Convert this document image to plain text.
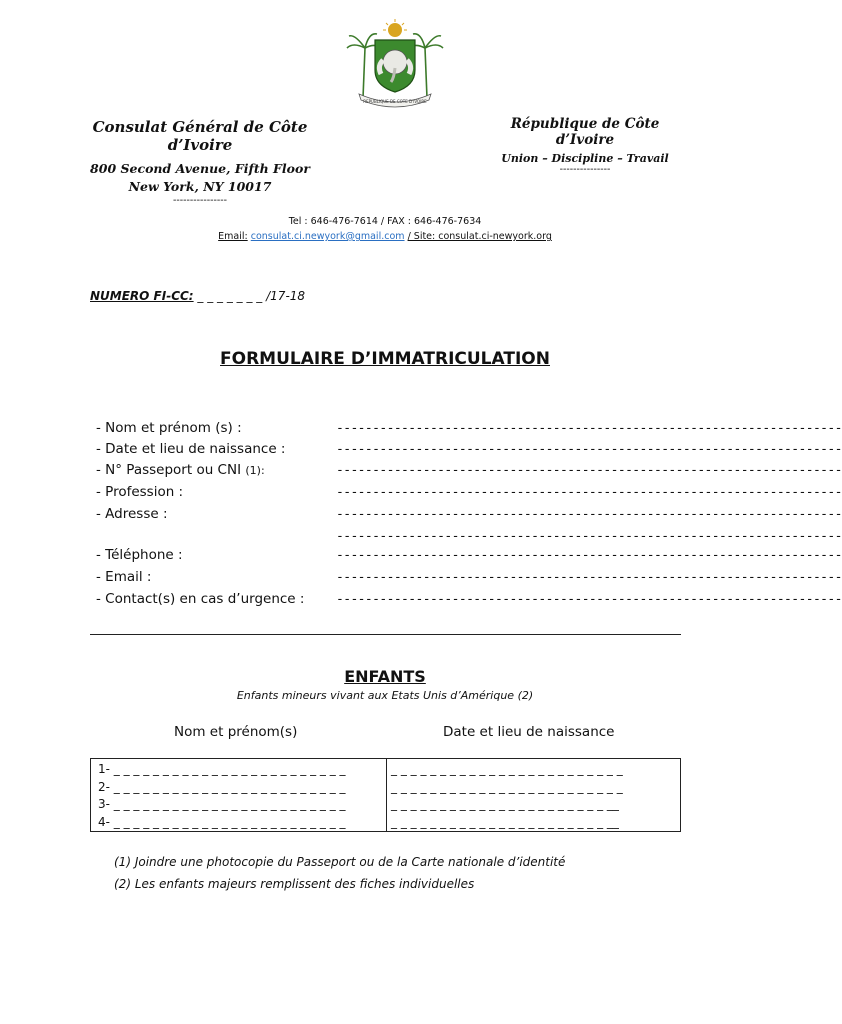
REPUBLIQUE DE COTE D'IVOIRE
Consulat Général de Côte d’Ivoire
800 Second Avenue, Fifth Floor
New York, NY 10017
----------------
République de Côte d’Ivoire
Union – Discipline – Travail
---------------
Tel : 646-476-7614 / FAX : 646-476-7634
Email: consulat.ci.newyork@gmail.com / Site: consulat.ci-newyork.org
NUMERO FI-CC: _ _ _ _ _ _ _ /17-18
FORMULAIRE D’IMMATRICULATION
- Nom et prénom (s) :	----------------------------------------------------------------------
- Date et lieu de naissance :	----------------------------------------------------------------------
- N° Passeport ou CNI (1):	----------------------------------------------------------------------
- Profession :	----------------------------------------------------------------------
- Adresse :	----------------------------------------------------------------------
----------------------------------------------------------------------
- Téléphone :	----------------------------------------------------------------------
- Email :	----------------------------------------------------------------------
- Contact(s) en cas d’urgence : ----------------------------------------------------------------------
ENFANTS
Enfants mineurs vivant aux Etats Unis d’Amérique (2)
Nom et prénom(s)	Date et lieu de naissance
1- _ _ _ _ _ _ _ _ _ _ _ _ _ _ _ _ _ _ _ _ _ _ _ _	_ _ _ _ _ _ _ _ _ _ _ _ _ _ _ _ _ _ _ _ _ _ _ _
2- _ _ _ _ _ _ _ _ _ _ _ _ _ _ _ _ _ _ _ _ _ _ _ _	_ _ _ _ _ _ _ _ _ _ _ _ _ _ _ _ _ _ _ _ _ _ _ _
3- _ _ _ _ _ _ _ _ _ _ _ _ _ _ _ _ _ _ _ _ _ _ _ _	_ _ _ _ _ _ _ _ _ _ _ _ _ _ _ _ _ _ _ _ _ _ __
4- _ _ _ _ _ _ _ _ _ _ _ _ _ _ _ _ _ _ _ _ _ _ _ _	_ _ _ _ _ _ _ _ _ _ _ _ _ _ _ _ _ _ _ _ _ _ __
(1) Joindre une photocopie du Passeport ou de la Carte nationale d’identité
(2) Les enfants majeurs remplissent des fiches individuelles
